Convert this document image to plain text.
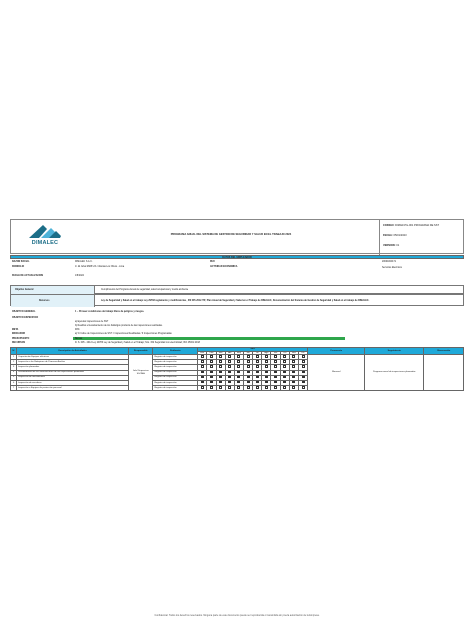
DIMALEC
PROGRAMA ANUAL DEL SISTEMA DE GESTION DE SEGURIDAD Y SALUD EN EL TRABAJO 2024
CODIGO: DIMAR-PG-001 PROGRAMA DE SST
FECHA: 05/01/2023
VERSION: 01
DATOS DEL EMPLEADOR
RAZON SOCIAL	DIMALEC S.A.C.	RUC	20601820171
DOMICILIO	Jr. El Jubal 2688 Urb. Infantas Los Olivos - Lima	ACTIVIDAD ECONOMICA	Servicios Electricos
FECHA DE ACTUALIZACION	1/8/2024
Objetivo General	Cumplimiento del Programa Anual de seguridad, salud ocupacional y medio ambiente
Recursos	Ley de Seguridad y Salud en el trabajo Ley 29783 reglamento y modificatorias , DS 005-2012-TR; Plan Anual de Seguridad y Salud en el Trabajo de DIMALEC, Documentación del Sistema de Gestión de Seguridad y Salud en el trabajo de DIMALEC.
OBJETIVO GENERAL	1 .- Proveer condiciones de trabajo libres de peligros y riesgos.
OBJETIVO ESPECIFICO
a) Ejecutar inspecciones de SST
b) Realizar el levantamiento de los hallazgos producto de las inspecciones realizadas.
META	90%
INDICADOR	a) % Indice de Inspecciones de SST = Inspecciones Realizadas / # Inspecciones Programadas
PRESUPUESTO	S/xxxx
RECURSOS	D. S. 005 - 2012 Ley 29783 Ley de Seguridad y Salud en el Trabajo; N.E. 152 Seguridad con electricidad; ISO 45001:2018
N°	Descripción de Actividades	Responsable	Evidencia	Mes												Frecuencia	Seguimiento	Observación
				Ene	Feb	Mar	Abr	May	Jun	Jul	Ago	Set	Oct	Nov	Dic			
1	Capacitación Equipos eléctricos	Jefe/ Supervisor SSOMA	Registro de inspección													Mensual	Programa anual de inspecciones planeadas	
2	Inspección a los Botiquines de Primeros Auxilios		Registro de inspección															
3	Inspección planeadas		Registro de inspección															
4	Levantamiento de las observaciones de las inspecciones planeadas		Registro de inspección															
5	Inspección de herramientas		Registro de inspección															
6	Inspección de escaleras		Registro de inspección															
7	Inspección a Equipos de protección personal		Registro de inspección															
Confidencial. Todos los derechos reservados. Ninguna parte de este documento puede ser reproducida o transmitida sin previa autorización de la Empresa.
